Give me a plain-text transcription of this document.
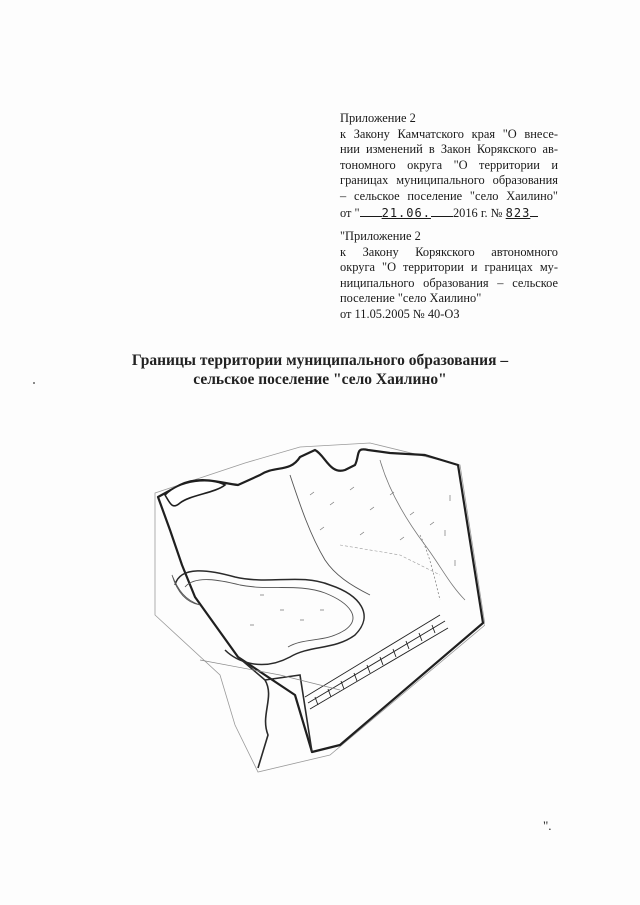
Приложение 2
к Закону Камчатского края "О внесе-
нии изменений в Закон Корякского ав-
тономного округа "О территории и
границах муниципального образования
– сельское поселение "село Хаилино"
от " 21.06. 2016 г. № 823
"Приложение 2
к Закону Корякского автономного
округа "О территории и границах му-
ниципального образования – сельское
поселение "село Хаилино"
от 11.05.2005 № 40-ОЗ
Границы территории муниципального образования –
сельское поселение "село Хаилино"
".
